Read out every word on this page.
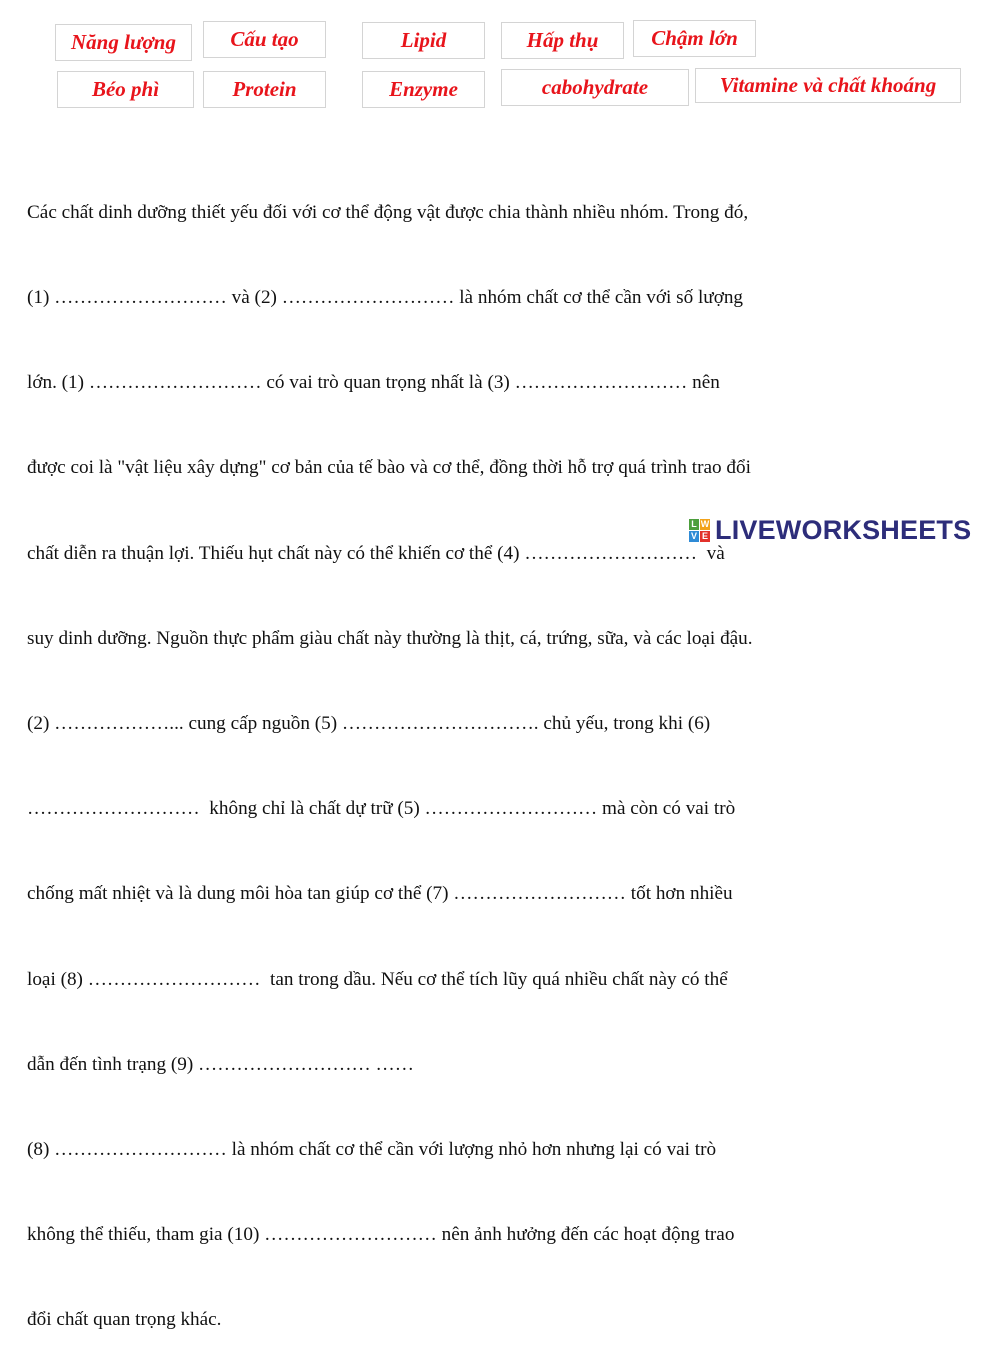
Năng lượng	Cấu tạo	Lipid	Hấp thụ	Chậm lớn
Béo phì	Protein	Enzyme	cabohydrate	Vitamine và chất khoáng

Các chất dinh dưỡng thiết yếu đối với cơ thể động vật được chia thành nhiều nhóm. Trong đó,

(1) ……………………… và (2) ……………………… là nhóm chất cơ thể cần với số lượng

lớn. (1) ……………………… có vai trò quan trọng nhất là (3) ……………………… nên

được coi là "vật liệu xây dựng" cơ bản của tế bào và cơ thể, đồng thời hỗ trợ quá trình trao đổi

chất diễn ra thuận lợi. Thiếu hụt chất này có thể khiến cơ thể (4) ………………………  và

suy dinh dưỡng. Nguồn thực phẩm giàu chất này thường là thịt, cá, trứng, sữa, và các loại đậu.

(2) ………………... cung cấp nguồn (5) …………………………. chủ yếu, trong khi (6)

………………………  không chỉ là chất dự trữ (5) ……………………… mà còn có vai trò

chống mất nhiệt và là dung môi hòa tan giúp cơ thể (7) ……………………… tốt hơn nhiều

loại (8) ………………………  tan trong dầu. Nếu cơ thể tích lũy quá nhiều chất này có thể

dẫn đến tình trạng (9) ……………………… ……

(8) ……………………… là nhóm chất cơ thể cần với lượng nhỏ hơn nhưng lại có vai trò

không thể thiếu, tham gia (10) ……………………… nên ảnh hưởng đến các hoạt động trao

đổi chất quan trọng khác.

L W
V E LIVEWORKSHEETS
